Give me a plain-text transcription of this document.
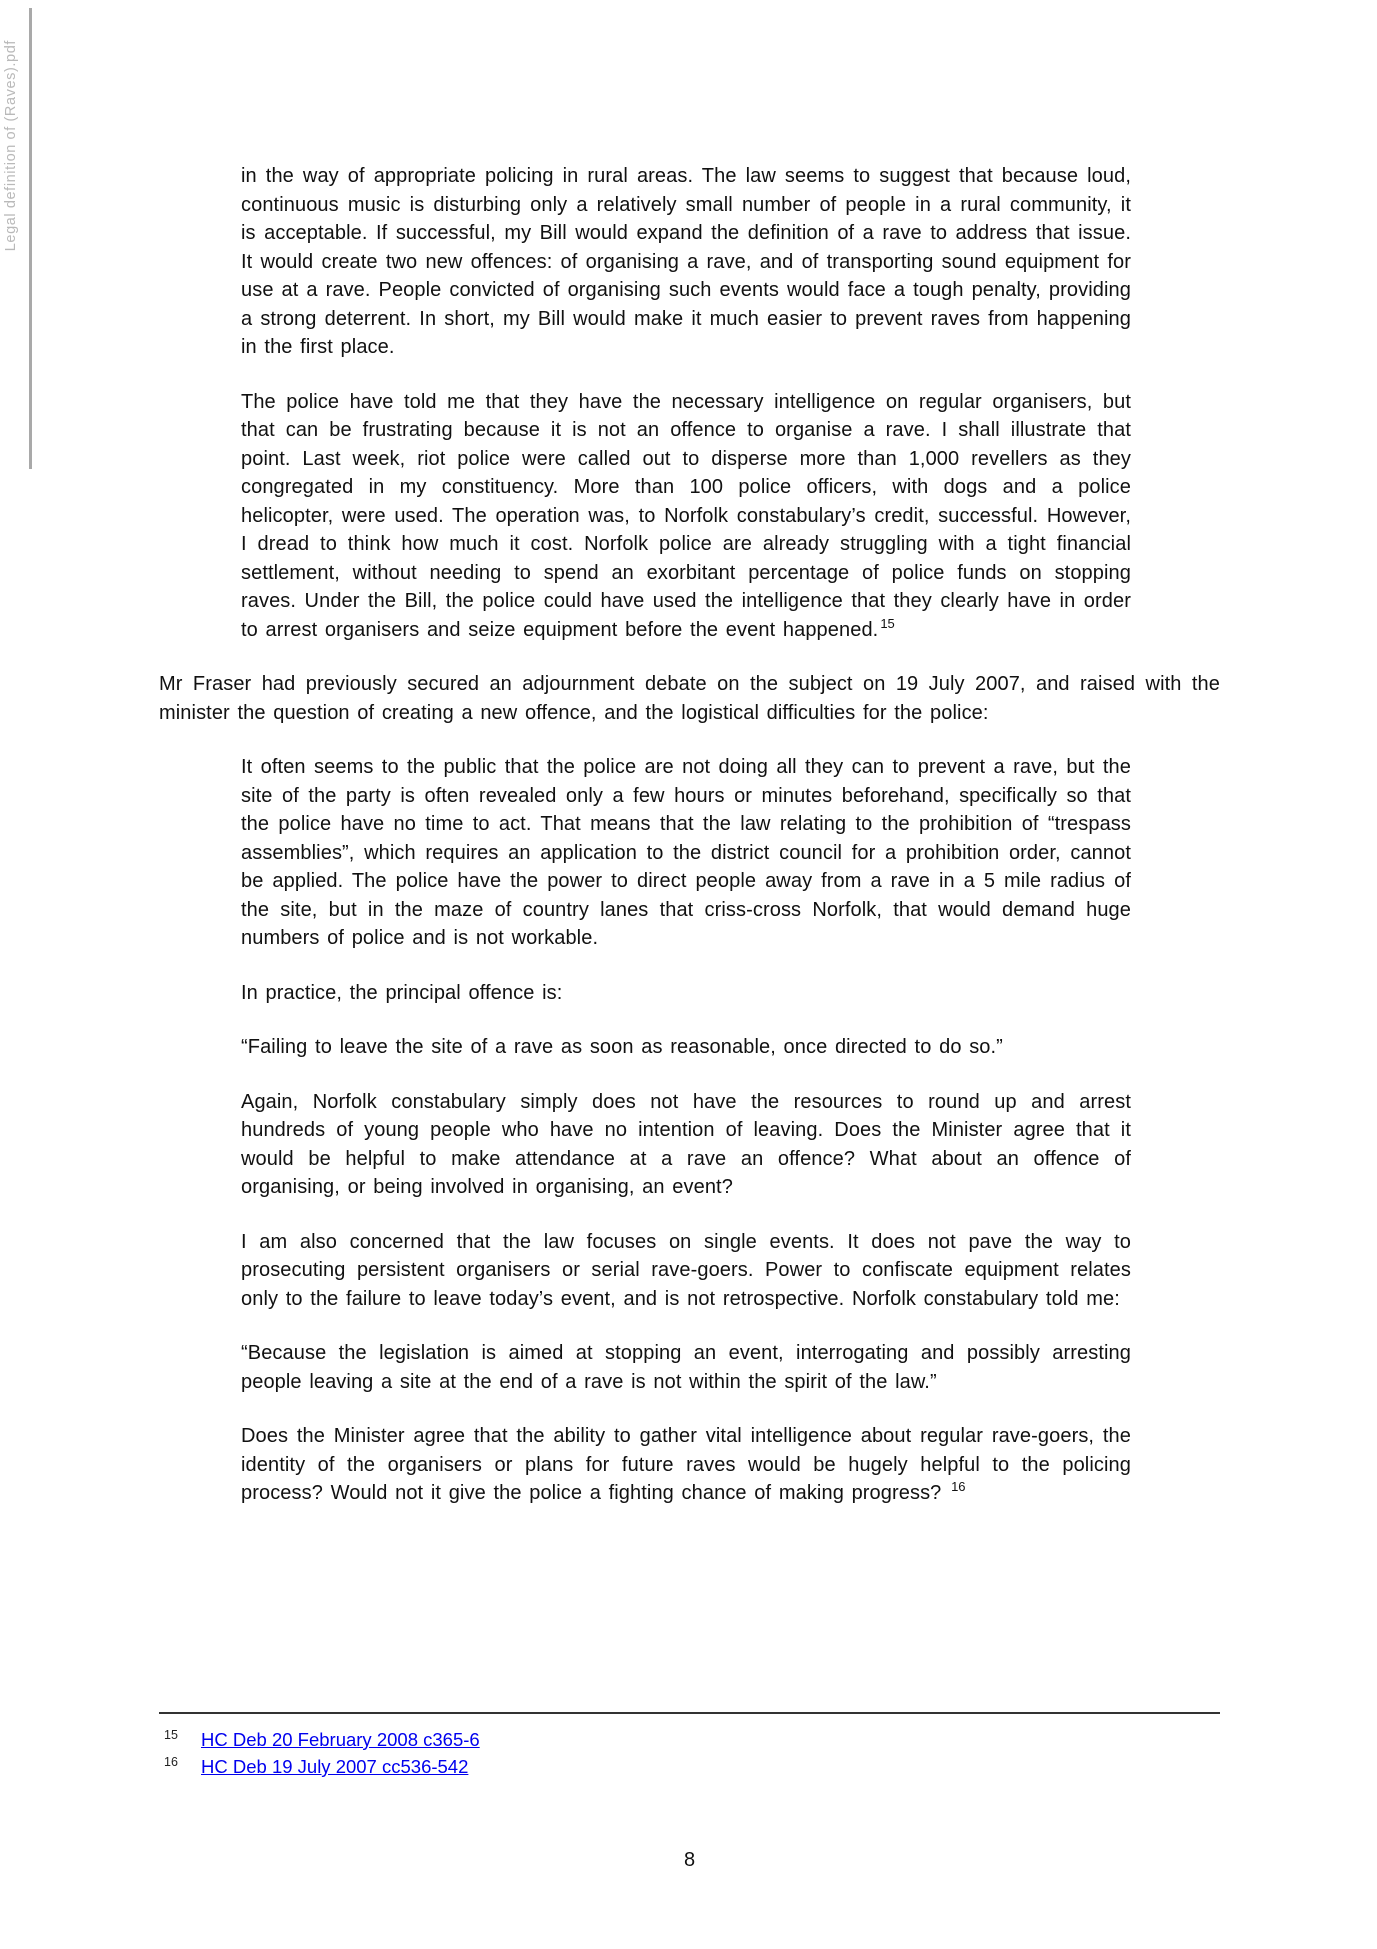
Legal definition of (Raves).pdf	in the way of appropriate policing in rural areas. The law seems to suggest that because loud, continuous music is disturbing only a relatively small number of people in a rural community, it is acceptable. If successful, my Bill would expand the definition of a rave to address that issue. It would create two new offences: of organising a rave, and of transporting sound equipment for use at a rave. People convicted of organising such events would face a tough penalty, providing a strong deterrent. In short, my Bill would make it much easier to prevent raves from happening in the first place.

The police have told me that they have the necessary intelligence on regular organisers, but that can be frustrating because it is not an offence to organise a rave. I shall illustrate that point. Last week, riot police were called out to disperse more than 1,000 revellers as they congregated in my constituency. More than 100 police officers, with dogs and a police helicopter, were used. The operation was, to Norfolk constabulary’s credit, successful. However, I dread to think how much it cost. Norfolk police are already struggling with a tight financial settlement, without needing to spend an exorbitant percentage of police funds on stopping raves. Under the Bill, the police could have used the intelligence that they clearly have in order to arrest organisers and seize equipment before the event happened. $^{15}$

Mr Fraser had previously secured an adjournment debate on the subject on 19 July 2007, and raised with the minister the question of creating a new offence, and the logistical difficulties for the police:

It often seems to the public that the police are not doing all they can to prevent a rave, but the site of the party is often revealed only a few hours or minutes beforehand, specifically so that the police have no time to act. That means that the law relating to the prohibition of “trespass assemblies”, which requires an application to the district council for a prohibition order, cannot be applied. The police have the power to direct people away from a rave in a 5 mile radius of the site, but in the maze of country lanes that criss-cross Norfolk, that would demand huge numbers of police and is not workable.

In practice, the principal offence is:

“Failing to leave the site of a rave as soon as reasonable, once directed to do so.”

Again, Norfolk constabulary simply does not have the resources to round up and arrest hundreds of young people who have no intention of leaving. Does the Minister agree that it would be helpful to make attendance at a rave an offence? What about an offence of organising, or being involved in organising, an event?

I am also concerned that the law focuses on single events. It does not pave the way to prosecuting persistent organisers or serial rave-goers. Power to confiscate equipment relates only to the failure to leave today’s event, and is not retrospective. Norfolk constabulary told me:

“Because the legislation is aimed at stopping an event, interrogating and possibly arresting people leaving a site at the end of a rave is not within the spirit of the law.”

Does the Minister agree that the ability to gather vital intelligence about regular rave-goers, the identity of the organisers or plans for future raves would be hugely helpful to the policing process? Would not it give the police a fighting chance of making progress? $^{16}$

$^{15}$ HC Deb 20 February 2008 c365-6
$^{16}$ HC Deb 19 July 2007 cc536-542
8
